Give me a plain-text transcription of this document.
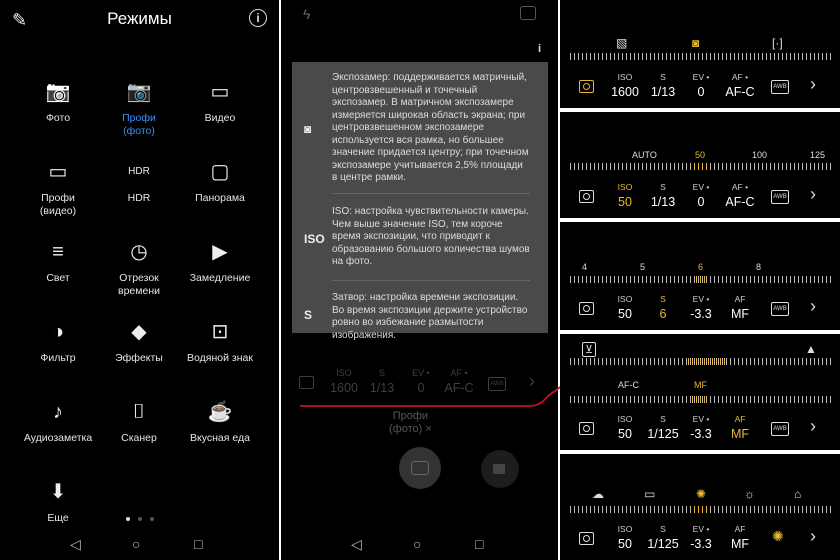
✎	Режимы	i
📷
Фото
📷
Профи
(фото)
▭
Видео
▭
Профи
(видео)
HDR
HDR
▢
Панорама
≡
Свет
◷
Отрезок
времени
▶
Замедление
◑
Фильтр
◆
Эффекты
⊡
Водяной знак
♪
Аудиозаметка
⌷
Сканер
☕
Вкусная еда
⬇
Еще
◁	○	□
ϟ
i
◙
Экспозамер: поддерживается матричный, центровзвешенный и точечный экспозамер. В матричном экспозамере измеряется широкая область экрана; при центровзвешенном экспозамере используется вся рамка, но большее значение придается центру; при точечном экспозамере учитывается 2,5% площади в центре рамки.
ISO
ISO: настройка чувствительности камеры. Чем выше значение ISO, тем короче время экспозиции, что приводит к образованию большого количества шумов на фото.
S
Затвор: настройка времени экспозиции. Во время экспозиции держите устройство ровно во избежание размытости изображения.
ISO
1600
S
1/13
EV •
0
AF •
AF-C	AWB ›
Профи
(фото) ×
◁	○	□
▧	◙	[·]
ISO
1600
S
1/13
EV •
0
AF •
AF-C	AWB ›
AUTO	50	100	125
ISO
50
S
1/13
EV •
0
AF •
AF-C	AWB ›
4	5	6	8
ISO
50
S
6
EV •
-3.3
AF
MF	AWB ›
⊻	▲
AF-C	MF
ISO
50
S
1/125
EV •
-3.3
AF
MF	AWB ›
☁	▭	✺	☼	⌂
ISO
50
S
1/125
EV •
-3.3
AF
MF	✺ ›
